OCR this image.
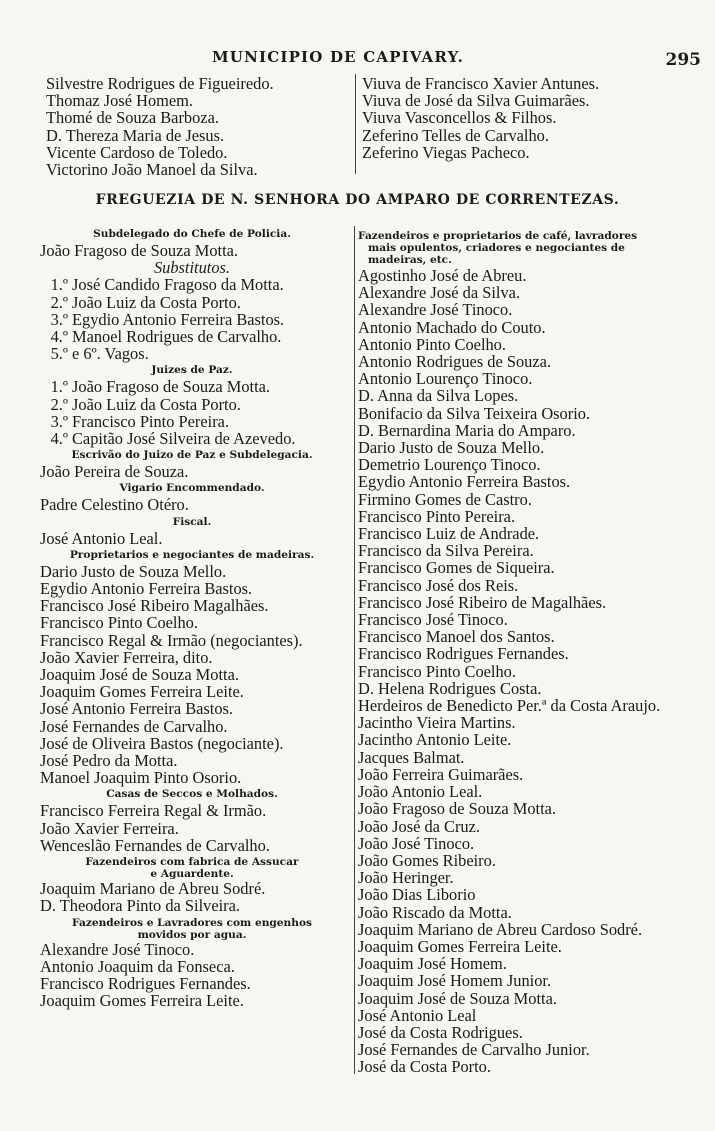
MUNICIPIO DE CAPIVARY.	295
Silvestre Rodrigues de Figueiredo.
Thomaz José Homem.
Thomé de Souza Barboza.
D. Thereza Maria de Jesus.
Vicente Cardoso de Toledo.
Victorino João Manoel da Silva.
Viuva de Francisco Xavier Antunes.
Viuva de José da Silva Guimarães.
Viuva Vasconcellos & Filhos.
Zeferino Telles de Carvalho.
Zeferino Viegas Pacheco.
FREGUEZIA DE N. SENHORA DO AMPARO DE CORRENTEZAS.
Subdelegado do Chefe de Policia.
João Fragoso de Souza Motta.
Substitutos.
1.º José Candido Fragoso da Motta.
2.º João Luiz da Costa Porto.
3.º Egydio Antonio Ferreira Bastos.
4.º Manoel Rodrigues de Carvalho.
5.º e 6º. Vagos.
Juizes de Paz.
1.º João Fragoso de Souza Motta.
2.º João Luiz da Costa Porto.
3.º Francisco Pinto Pereira.
4.º Capitão José Silveira de Azevedo.
Escrivão do Juizo de Paz e Subdelegacia.
João Pereira de Souza.
Vigario Encommendado.
Padre Celestino Otéro.
Fiscal.
José Antonio Leal.
Proprietarios e negociantes de madeiras.
Dario Justo de Souza Mello.
Egydio Antonio Ferreira Bastos.
Francisco José Ribeiro Magalhães.
Francisco Pinto Coelho.
Francisco Regal & Irmão (negociantes).
João Xavier Ferreira, dito.
Joaquim José de Souza Motta.
Joaquim Gomes Ferreira Leite.
José Antonio Ferreira Bastos.
José Fernandes de Carvalho.
José de Oliveira Bastos (negociante).
José Pedro da Motta.
Manoel Joaquim Pinto Osorio.
Casas de Seccos e Molhados.
Francisco Ferreira Regal & Irmão.
João Xavier Ferreira.
Wenceslão Fernandes de Carvalho.
Fazendeiros com fabrica de Assucar
e Aguardente.
Joaquim Mariano de Abreu Sodré.
D. Theodora Pinto da Silveira.
Fazendeiros e Lavradores com engenhos
movidos por agua.
Alexandre José Tinoco.
Antonio Joaquim da Fonseca.
Francisco Rodrigues Fernandes.
Joaquim Gomes Ferreira Leite.
Fazendeiros e proprietarios de café, lavradores
mais opulentos, criadores e negociantes de
madeiras, etc.
Agostinho José de Abreu.
Alexandre José da Silva.
Alexandre José Tinoco.
Antonio Machado do Couto.
Antonio Pinto Coelho.
Antonio Rodrigues de Souza.
Antonio Lourenço Tinoco.
D. Anna da Silva Lopes.
Bonifacio da Silva Teixeira Osorio.
D. Bernardina Maria do Amparo.
Dario Justo de Souza Mello.
Demetrio Lourenço Tinoco.
Egydio Antonio Ferreira Bastos.
Firmino Gomes de Castro.
Francisco Pinto Pereira.
Francisco Luiz de Andrade.
Francisco da Silva Pereira.
Francisco Gomes de Siqueira.
Francisco José dos Reis.
Francisco José Ribeiro de Magalhães.
Francisco José Tinoco.
Francisco Manoel dos Santos.
Francisco Rodrigues Fernandes.
Francisco Pinto Coelho.
D. Helena Rodrigues Costa.
Herdeiros de Benedicto Per.ª da Costa Araujo.
Jacintho Vieira Martins.
Jacintho Antonio Leite.
Jacques Balmat.
João Ferreira Guimarães.
João Antonio Leal.
João Fragoso de Souza Motta.
João José da Cruz.
João José Tinoco.
João Gomes Ribeiro.
João Heringer.
João Dias Liborio
João Riscado da Motta.
Joaquim Mariano de Abreu Cardoso Sodré.
Joaquim Gomes Ferreira Leite.
Joaquim José Homem.
Joaquim José Homem Junior.
Joaquim José de Souza Motta.
José Antonio Leal
José da Costa Rodrigues.
José Fernandes de Carvalho Junior.
José da Costa Porto.
